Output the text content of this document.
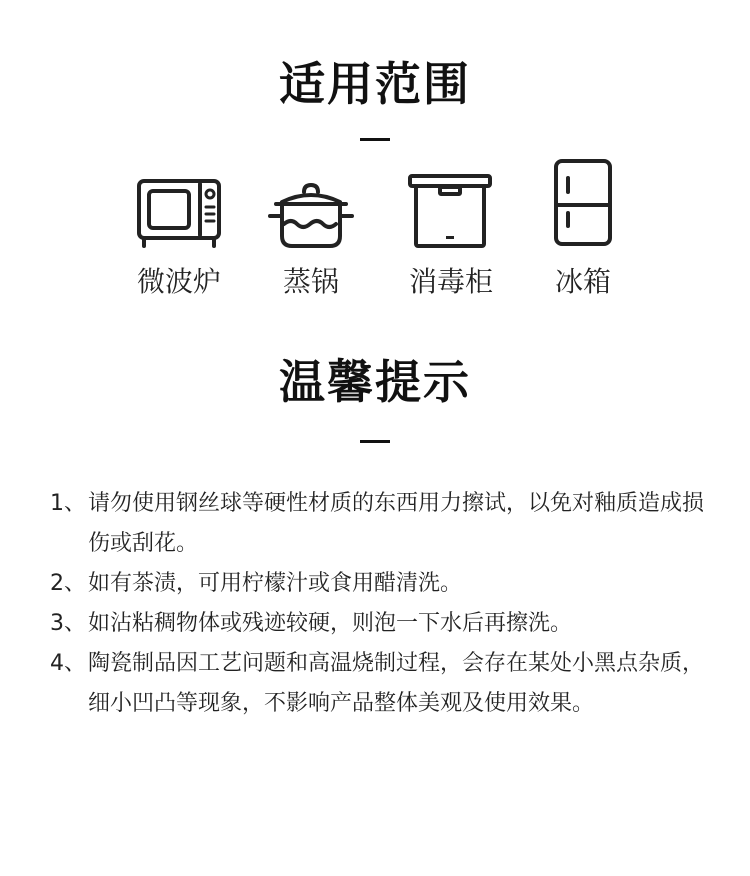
适用范围
微波炉	蒸锅	消毒柜	冰箱
温馨提示
1、 请勿使用钢丝球等硬性材质的东西用力擦试，以免对釉质造成损伤或刮花。
2、 如有茶渍，可用柠檬汁或食用醋清洗。
3、 如沾粘稠物体或残迹较硬，则泡一下水后再擦洗。
4、 陶瓷制品因工艺问题和高温烧制过程，会存在某处小黑点杂质，细小凹凸等现象，不影响产品整体美观及使用效果。
